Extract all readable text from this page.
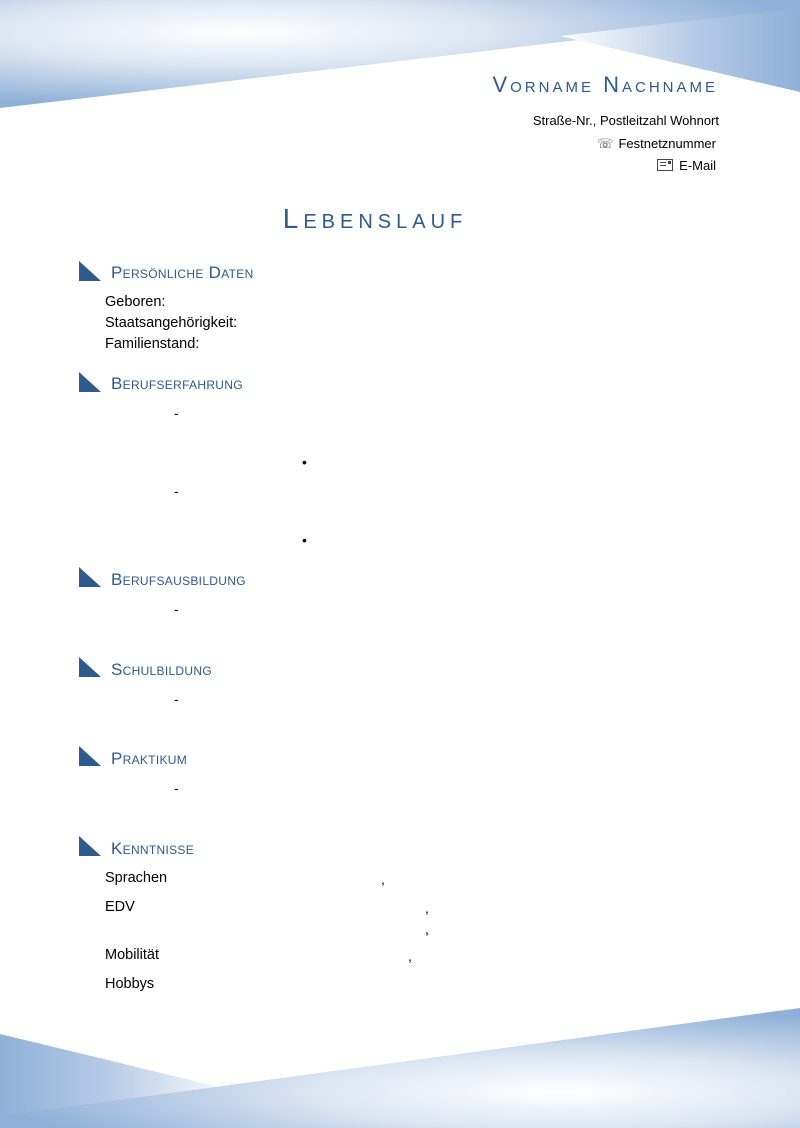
Vorname Nachname
Straße-Nr., Postleitzahl Wohnort
☏ Festnetznummer
E-Mail
Lebenslauf
Persönliche Daten
Geboren:
Staatsangehörigkeit:
Familienstand:
Berufserfahrung
-
•
-
•
Berufsausbildung
-
Schulbildung
-
Praktikum
-
Kenntnisse
Sprachen	,
EDV	,
,
Mobilität	,
Hobbys
